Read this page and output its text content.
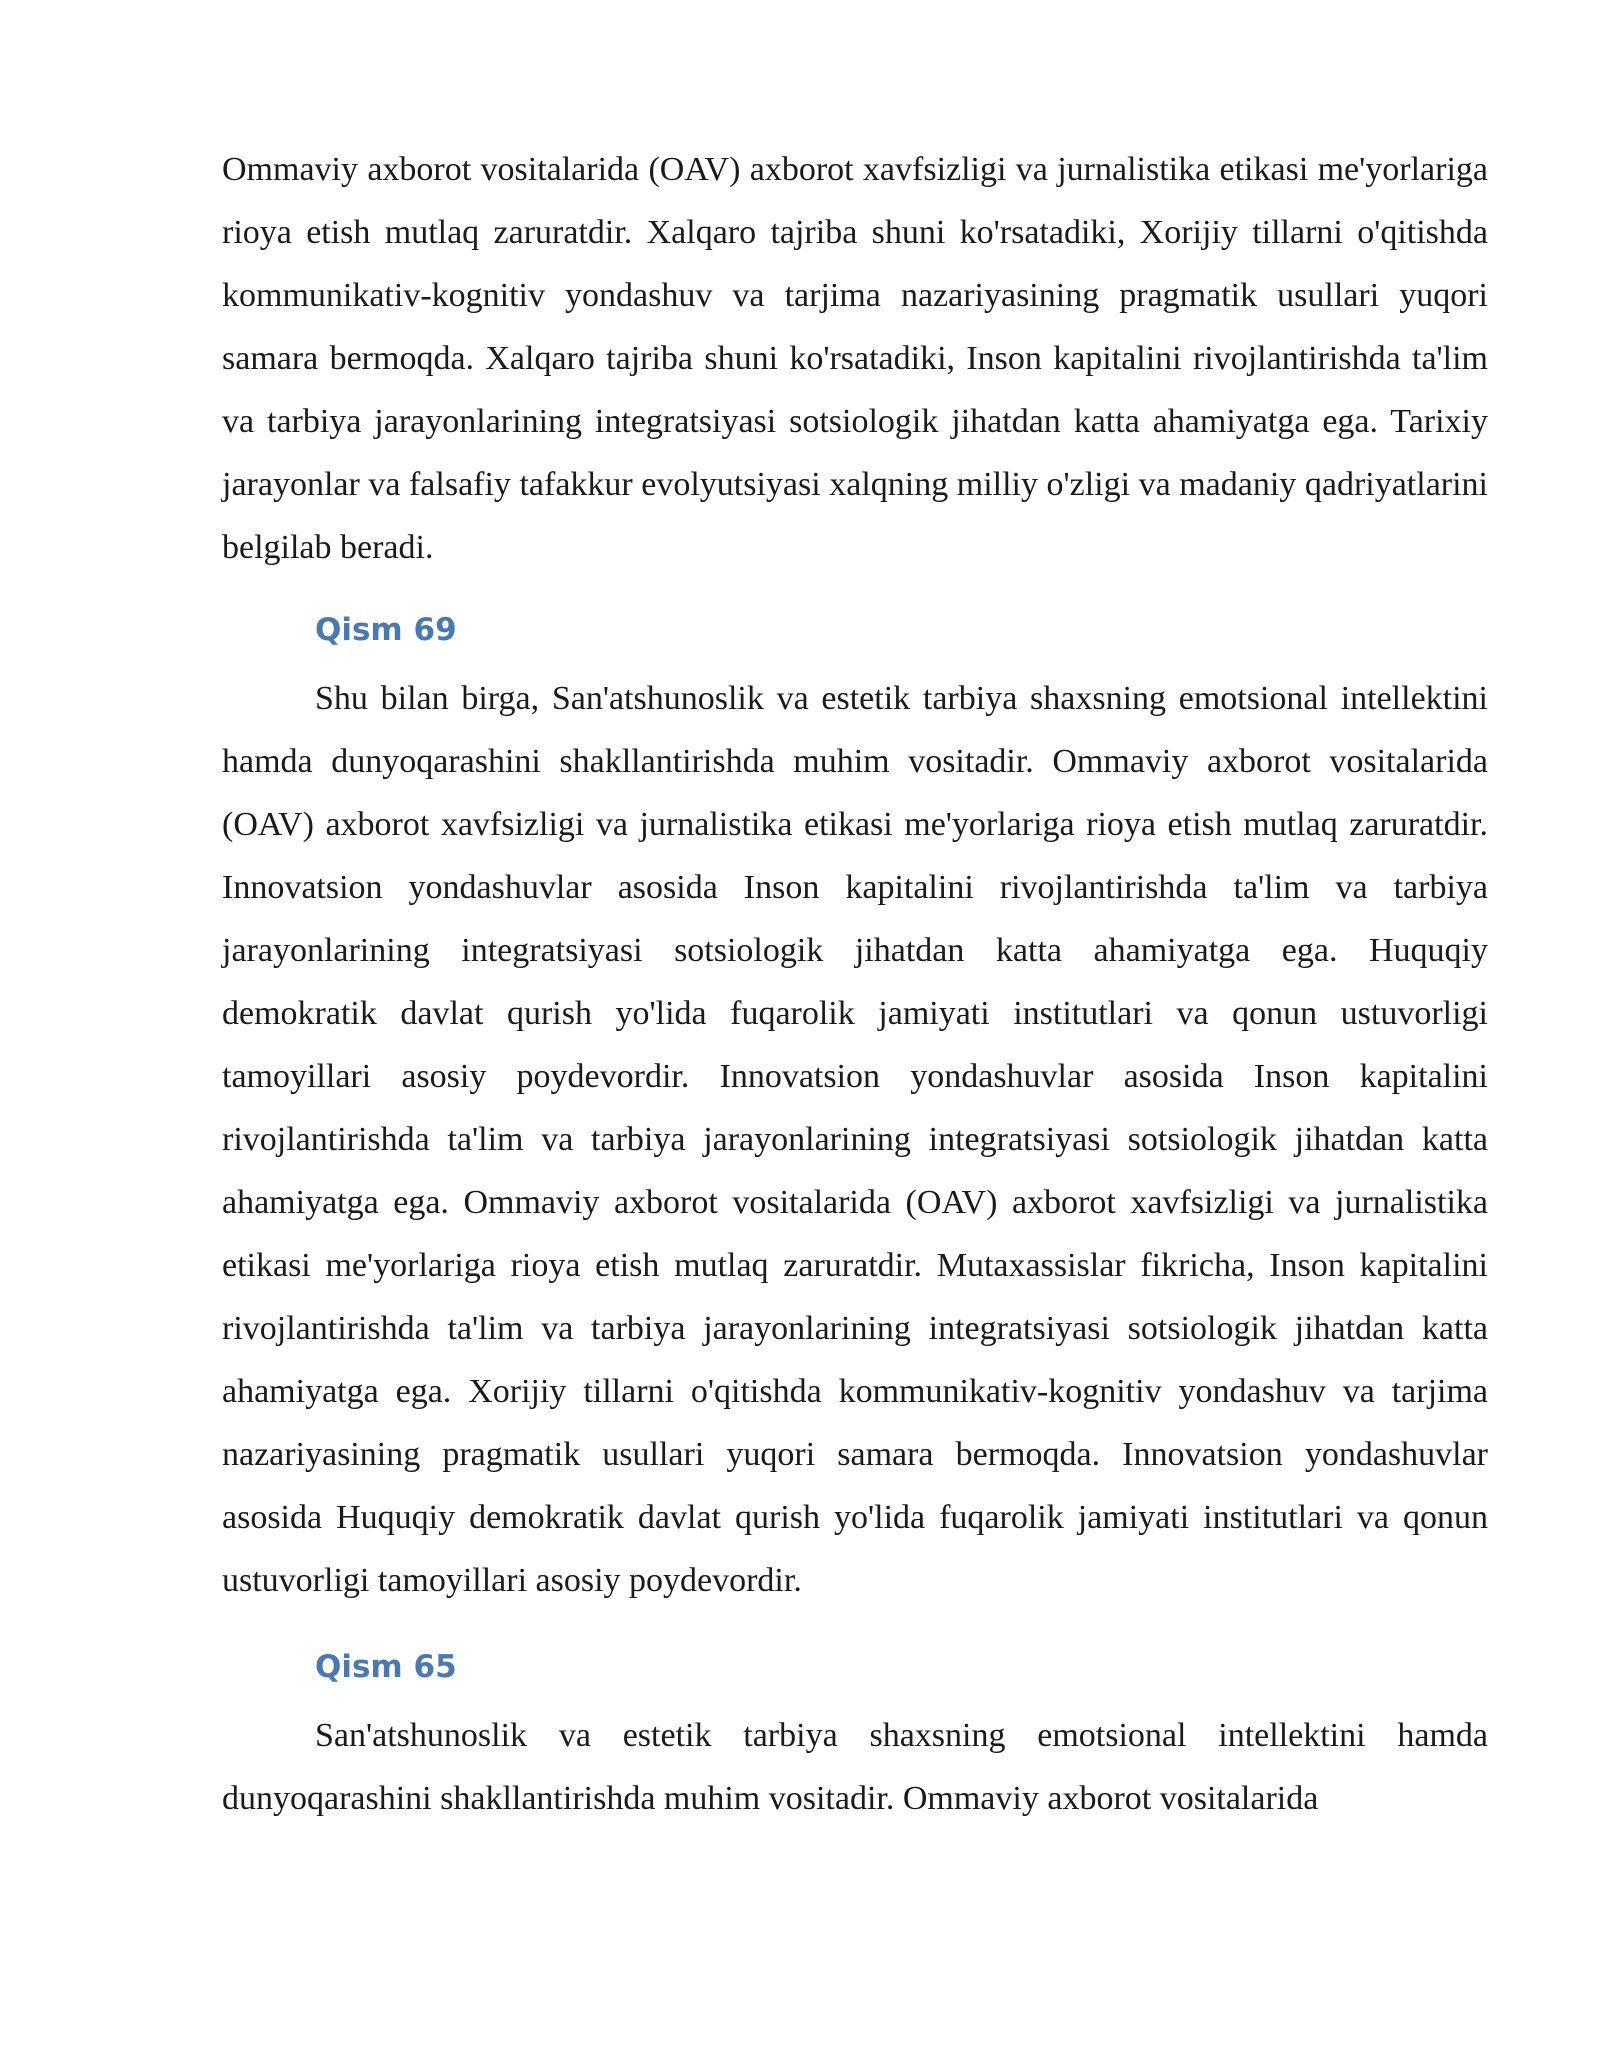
Ommaviy axborot vositalarida (OAV) axborot xavfsizligi va jurnalistika etikasi me'yorlariga rioya etish mutlaq zaruratdir. Xalqaro tajriba shuni ko'rsatadiki, Xorijiy tillarni o'qitishda kommunikativ-kognitiv yondashuv va tarjima nazariyasining pragmatik usullari yuqori samara bermoqda. Xalqaro tajriba shuni ko'rsatadiki, Inson kapitalini rivojlantirishda ta'lim va tarbiya jarayonlarining integratsiyasi sotsiologik jihatdan katta ahamiyatga ega. Tarixiy jarayonlar va falsafiy tafakkur evolyutsiyasi xalqning milliy o'zligi va madaniy qadriyatlarini belgilab beradi.

Qism 69

Shu bilan birga, San'atshunoslik va estetik tarbiya shaxsning emotsional intellektini hamda dunyoqarashini shakllantirishda muhim vositadir. Ommaviy axborot vositalarida (OAV) axborot xavfsizligi va jurnalistika etikasi me'yorlariga rioya etish mutlaq zaruratdir. Innovatsion yondashuvlar asosida Inson kapitalini rivojlantirishda ta'lim va tarbiya jarayonlarining integratsiyasi sotsiologik jihatdan katta ahamiyatga ega. Huquqiy demokratik davlat qurish yo'lida fuqarolik jamiyati institutlari va qonun ustuvorligi tamoyillari asosiy poydevordir. Innovatsion yondashuvlar asosida Inson kapitalini rivojlantirishda ta'lim va tarbiya jarayonlarining integratsiyasi sotsiologik jihatdan katta ahamiyatga ega. Ommaviy axborot vositalarida (OAV) axborot xavfsizligi va jurnalistika etikasi me'yorlariga rioya etish mutlaq zaruratdir. Mutaxassislar fikricha, Inson kapitalini rivojlantirishda ta'lim va tarbiya jarayonlarining integratsiyasi sotsiologik jihatdan katta ahamiyatga ega. Xorijiy tillarni o'qitishda kommunikativ-kognitiv yondashuv va tarjima nazariyasining pragmatik usullari yuqori samara bermoqda. Innovatsion yondashuvlar asosida Huquqiy demokratik davlat qurish yo'lida fuqarolik jamiyati institutlari va qonun ustuvorligi tamoyillari asosiy poydevordir.

Qism 65

San'atshunoslik va estetik tarbiya shaxsning emotsional intellektini hamda dunyoqarashini shakllantirishda muhim vositadir. Ommaviy axborot vositalarida
